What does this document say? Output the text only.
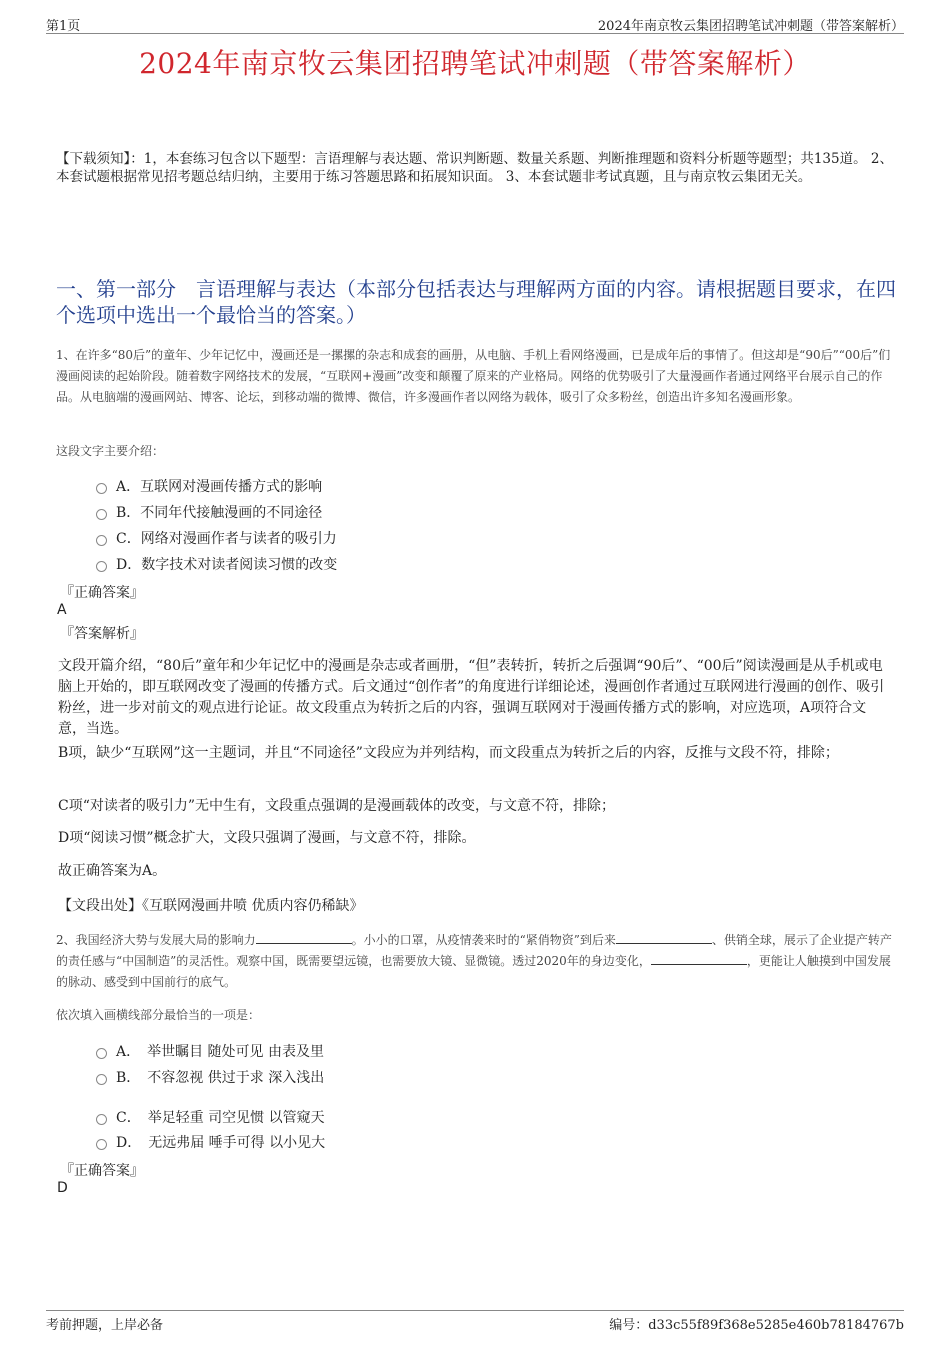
第1页	2024年南京牧云集团招聘笔试冲刺题（带答案解析）
2024年南京牧云集团招聘笔试冲刺题（带答案解析）
【下载须知】：1，本套练习包含以下题型：言语理解与表达题、常识判断题、数量关系题、判断推理题和资料分析题等题型；共135道。 2、本套试题根据常见招考题总结归纳，主要用于练习答题思路和拓展知识面。 3、本套试题非考试真题，且与南京牧云集团无关。
一、第一部分　言语理解与表达（本部分包括表达与理解两方面的内容。请根据题目要求，在四个选项中选出一个最恰当的答案。）
1、在许多“80后”的童年、少年记忆中，漫画还是一摞摞的杂志和成套的画册，从电脑、手机上看网络漫画，已是成年后的事情了。但这却是“90后”“00后”们漫画阅读的起始阶段。随着数字网络技术的发展，“互联网+漫画”改变和颠覆了原来的产业格局。网络的优势吸引了大量漫画作者通过网络平台展示自己的作品。从电脑端的漫画网站、博客、论坛，到移动端的微博、微信，许多漫画作者以网络为载体，吸引了众多粉丝，创造出许多知名漫画形象。
这段文字主要介绍：
A．互联网对漫画传播方式的影响
B．不同年代接触漫画的不同途径
C．网络对漫画作者与读者的吸引力
D．数字技术对读者阅读习惯的改变
『正确答案』
A
『答案解析』
文段开篇介绍，“80后”童年和少年记忆中的漫画是杂志或者画册，“但”表转折，转折之后强调“90后”、“00后”阅读漫画是从手机或电脑上开始的，即互联网改变了漫画的传播方式。后文通过“创作者”的角度进行详细论述，漫画创作者通过互联网进行漫画的创作、吸引粉丝，进一步对前文的观点进行论证。故文段重点为转折之后的内容，强调互联网对于漫画传播方式的影响，对应选项，A项符合文意，当选。
B项，缺少“互联网”这一主题词，并且“不同途径”文段应为并列结构，而文段重点为转折之后的内容，反推与文段不符，排除；
C项“对读者的吸引力”无中生有，文段重点强调的是漫画载体的改变，与文意不符，排除；
D项“阅读习惯”概念扩大，文段只强调了漫画，与文意不符，排除。
故正确答案为A。
【文段出处】《互联网漫画井喷 优质内容仍稀缺》
2、我国经济大势与发展大局的影响力	。小小的口罩，从疫情袭来时的“紧俏物资”到后来	、供销全球，展示了企业提产转产的责任感与“中国制造”的灵活性。观察中国，既需要望远镜，也需要放大镜、显微镜。透过2020年的身边变化，	，更能让人触摸到中国发展的脉动、感受到中国前行的底气。
依次填入画横线部分最恰当的一项是：
A．　举世瞩目 随处可见 由表及里
B．　不容忽视 供过于求 深入浅出
C．　举足轻重 司空见惯 以管窥天
D．　无远弗届 唾手可得 以小见大
『正确答案』
D
考前押题，上岸必备	编号：d33c55f89f368e5285e460b78184767b
